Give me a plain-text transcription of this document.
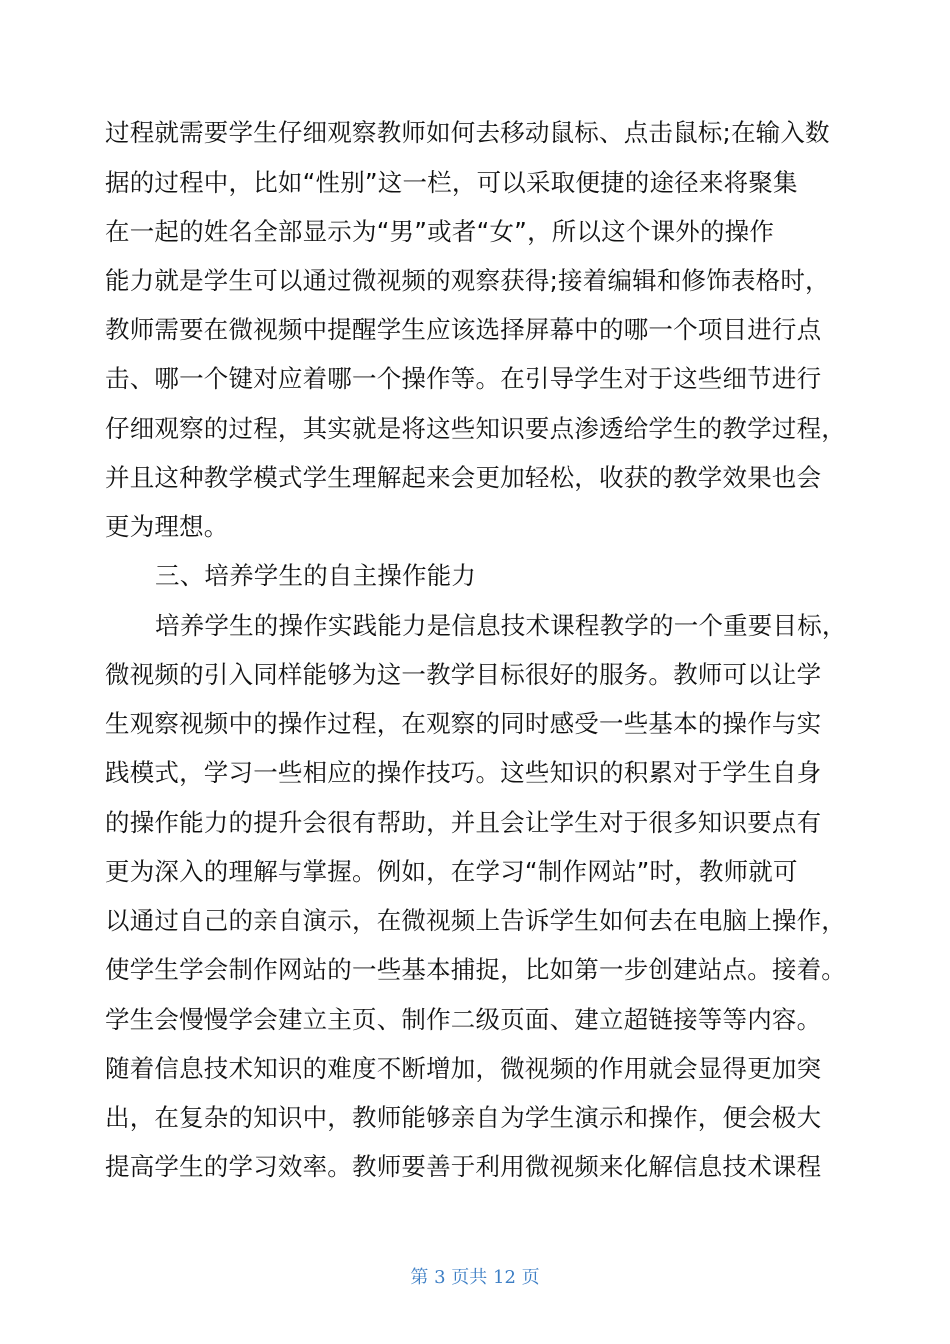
过程就需要学生仔细观察教师如何去移动鼠标、点击鼠标;在输入数
据的过程中，比如“性别”这一栏，可以采取便捷的途径来将聚集
在一起的姓名全部显示为“男”或者“女”，所以这个课外的操作
能力就是学生可以通过微视频的观察获得;接着编辑和修饰表格时，
教师需要在微视频中提醒学生应该选择屏幕中的哪一个项目进行点
击、哪一个键对应着哪一个操作等。在引导学生对于这些细节进行
仔细观察的过程，其实就是将这些知识要点渗透给学生的教学过程，
并且这种教学模式学生理解起来会更加轻松，收获的教学效果也会
更为理想。
三、培养学生的自主操作能力
培养学生的操作实践能力是信息技术课程教学的一个重要目标，
微视频的引入同样能够为这一教学目标很好的服务。教师可以让学
生观察视频中的操作过程，在观察的同时感受一些基本的操作与实
践模式，学习一些相应的操作技巧。这些知识的积累对于学生自身
的操作能力的提升会很有帮助，并且会让学生对于很多知识要点有
更为深入的理解与掌握。例如，在学习“制作网站”时，教师就可
以通过自己的亲自演示，在微视频上告诉学生如何去在电脑上操作，
使学生学会制作网站的一些基本捕捉，比如第一步创建站点。接着。
学生会慢慢学会建立主页、制作二级页面、建立超链接等等内容。
随着信息技术知识的难度不断增加，微视频的作用就会显得更加突
出，在复杂的知识中，教师能够亲自为学生演示和操作，便会极大
提高学生的学习效率。教师要善于利用微视频来化解信息技术课程
第 3 页共 12 页
